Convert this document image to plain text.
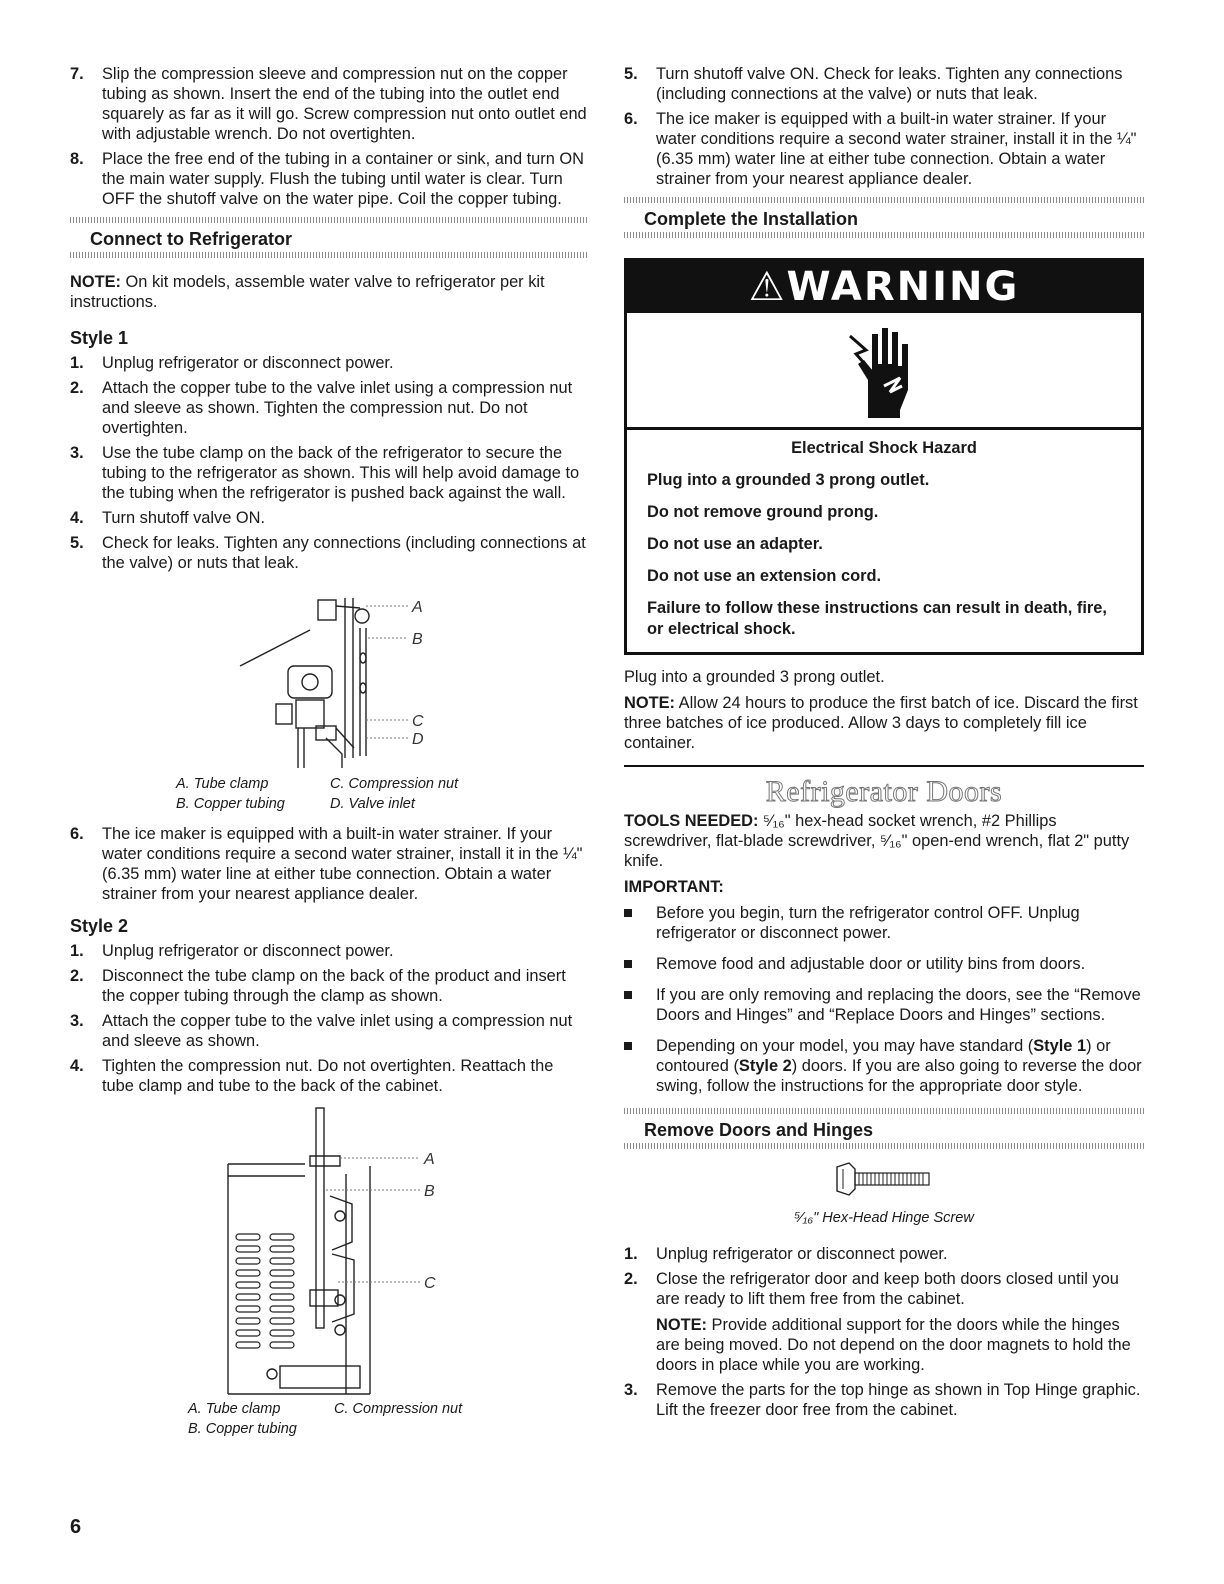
7. Slip the compression sleeve and compression nut on the copper tubing as shown. Insert the end of the tubing into the outlet end squarely as far as it will go. Screw compression nut onto outlet end with adjustable wrench. Do not overtighten.
8. Place the free end of the tubing in a container or sink, and turn ON the main water supply. Flush the tubing until water is clear. Turn OFF the shutoff valve on the water pipe. Coil the copper tubing.
Connect to Refrigerator

NOTE: On kit models, assemble water valve to refrigerator per kit instructions.

Style 1
1. Unplug refrigerator or disconnect power.
2. Attach the copper tube to the valve inlet using a compression nut and sleeve as shown. Tighten the compression nut. Do not overtighten.
3. Use the tube clamp on the back of the refrigerator to secure the tubing to the refrigerator as shown. This will help avoid damage to the tubing when the refrigerator is pushed back against the wall.
4. Turn shutoff valve ON.
5. Check for leaks. Tighten any connections (including connections at the valve) or nuts that leak.
A
B
C
D
A. Tube clamp
B. Copper tubing
C. Compression nut
D. Valve inlet
6. The ice maker is equipped with a built-in water strainer. If your water conditions require a second water strainer, install it in the ¼" (6.35 mm) water line at either tube connection. Obtain a water strainer from your nearest appliance dealer.
Style 2
1. Unplug refrigerator or disconnect power.
2. Disconnect the tube clamp on the back of the product and insert the copper tubing through the clamp as shown.
3. Attach the copper tube to the valve inlet using a compression nut and sleeve as shown.
4. Tighten the compression nut. Do not overtighten. Reattach the tube clamp and tube to the back of the cabinet.
A
B
C
A. Tube clamp
B. Copper tubing
C. Compression nut
5. Turn shutoff valve ON. Check for leaks. Tighten any connections (including connections at the valve) or nuts that leak.
6. The ice maker is equipped with a built-in water strainer. If your water conditions require a second water strainer, install it in the ¼" (6.35 mm) water line at either tube connection. Obtain a water strainer from your nearest appliance dealer.
Complete the Installation
⚠WARNING

Electrical Shock Hazard

Plug into a grounded 3 prong outlet.

Do not remove ground prong.

Do not use an adapter.

Do not use an extension cord.

Failure to follow these instructions can result in death, fire, or electrical shock.

Plug into a grounded 3 prong outlet.

NOTE: Allow 24 hours to produce the first batch of ice. Discard the first three batches of ice produced. Allow 3 days to completely fill ice container.

Refrigerator Doors

TOOLS NEEDED: ⁵⁄₁₆" hex-head socket wrench, #2 Phillips screwdriver, flat-blade screwdriver, ⁵⁄₁₆" open-end wrench, flat 2" putty knife.

IMPORTANT:

Before you begin, turn the refrigerator control OFF. Unplug refrigerator or disconnect power.
Remove food and adjustable door or utility bins from doors.
If you are only removing and replacing the doors, see the “Remove Doors and Hinges” and “Replace Doors and Hinges” sections.
Depending on your model, you may have standard (Style 1) or contoured (Style 2) doors. If you are also going to reverse the door swing, follow the instructions for the appropriate door style.
Remove Doors and Hinges
⁵⁄₁₆" Hex-Head Hinge Screw
1. Unplug refrigerator or disconnect power.
2. Close the refrigerator door and keep both doors closed until you are ready to lift them free from the cabinet.
NOTE: Provide additional support for the doors while the hinges are being moved. Do not depend on the door magnets to hold the doors in place while you are working.
3. Remove the parts for the top hinge as shown in Top Hinge graphic. Lift the freezer door free from the cabinet.
6
